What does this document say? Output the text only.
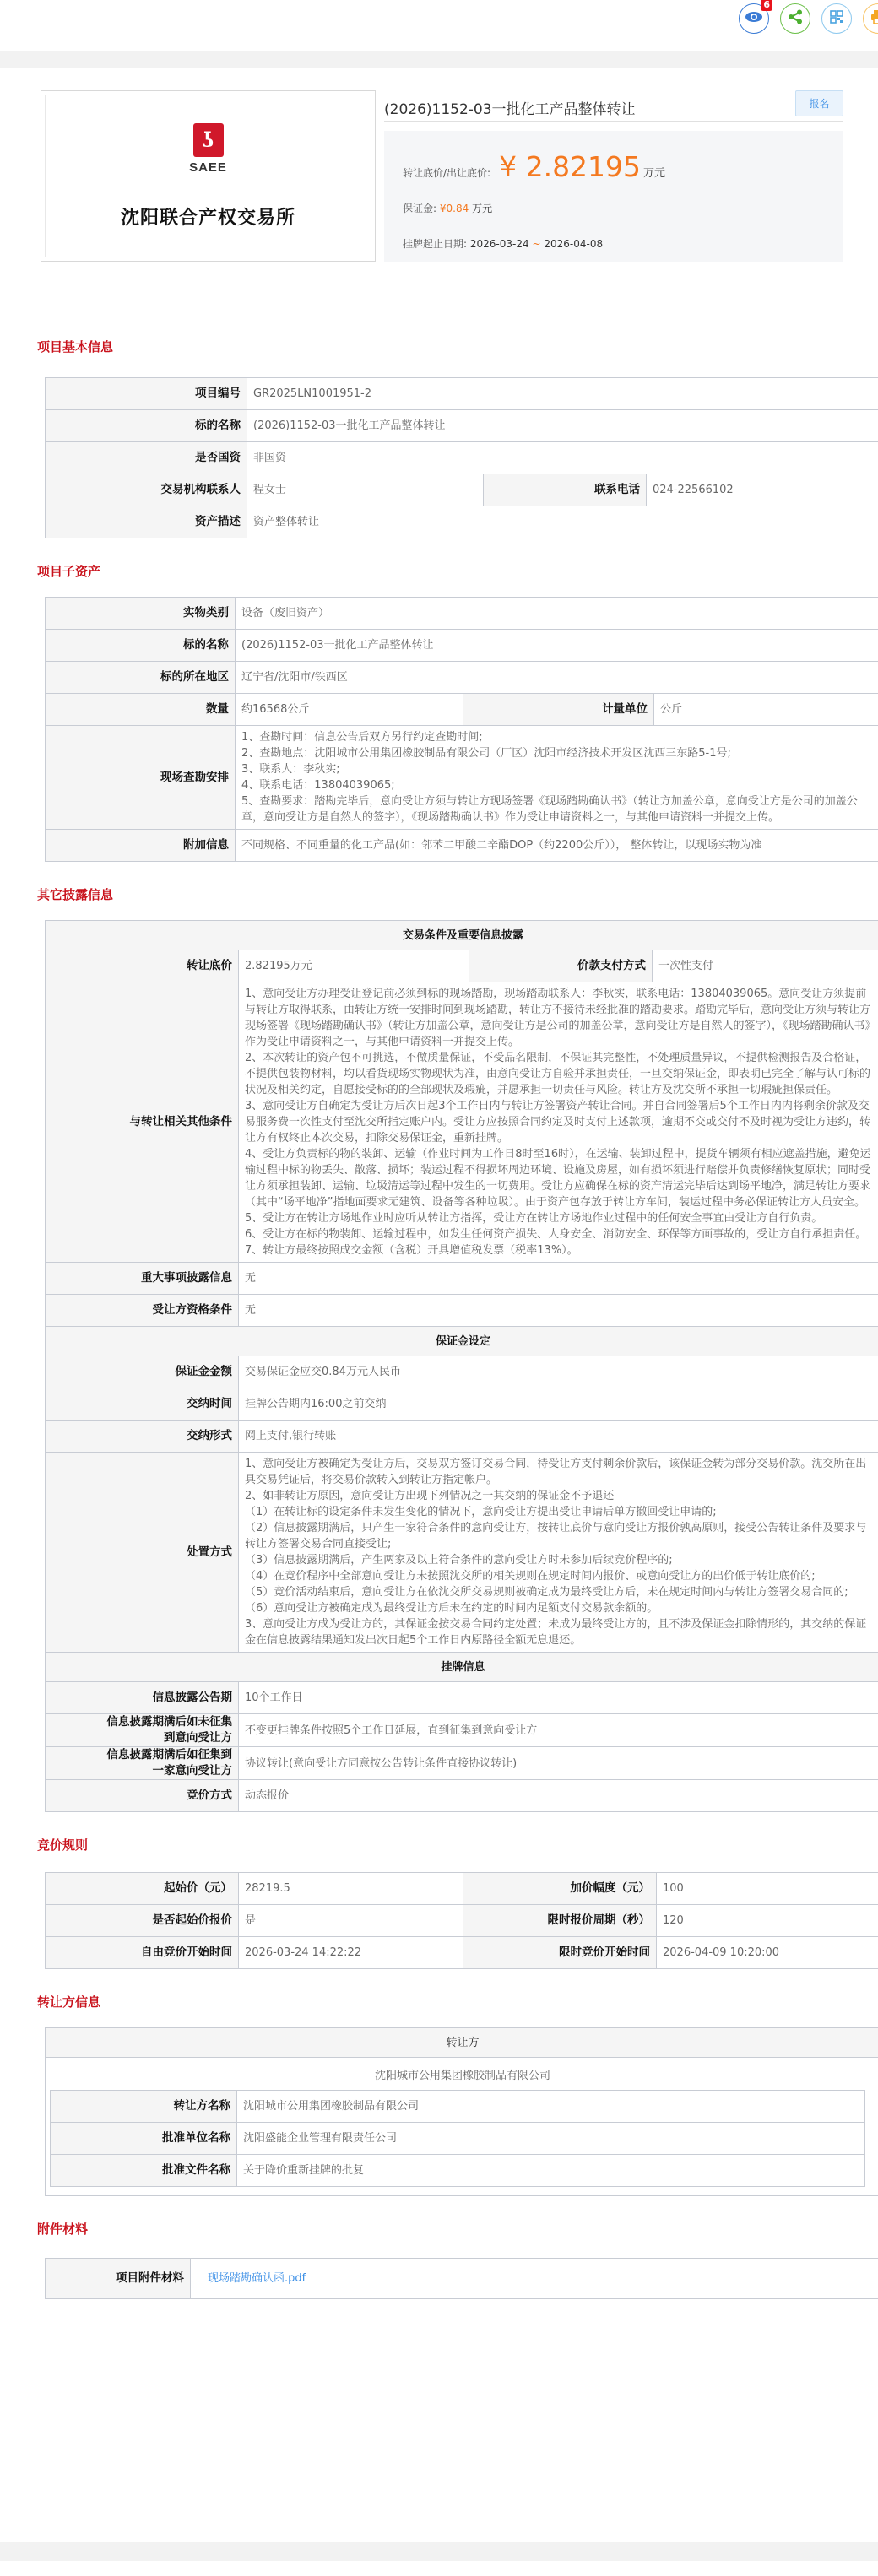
6
ʖ
SAEE
沈阳联合产权交易所
(2026)1152-03一批化工产品整体转让	报名
转让底价/出让底价: ¥ 2.82195 万元
保证金: ¥0.84 万元
挂牌起止日期: 2026-03-24 ~ 2026-04-08
项目基本信息
项目编号	GR2025LN1001951-2		
标的名称	(2026)1152-03一批化工产品整体转让		
是否国资	非国资		
交易机构联系人	程女士	联系电话	024-22566102
资产描述	资产整体转让		
项目子资产
实物类别	设备（废旧资产）		
标的名称	(2026)1152-03一批化工产品整体转让		
标的所在地区	辽宁省/沈阳市/铁西区		
数量	约16568公斤	计量单位	公斤
现场查勘安排	1、查勘时间：信息公告后双方另行约定查勘时间;
2、查勘地点：沈阳城市公用集团橡胶制品有限公司（厂区）沈阳市经济技术开发区沈西三东路5-1号;
3、联系人：李秋实;
4、联系电话：13804039065;
5、查勘要求：踏勘完毕后，意向受让方须与转让方现场签署《现场踏勘确认书》（转让方加盖公章，意向受让方是公司的加盖公章，意向受让方是自然人的签字），《现场踏勘确认书》作为受让申请资料之一，与其他申请资料一并提交上传。		

附加信息	不同规格、不同重量的化工产品(如：邻苯二甲酸二辛酯DOP（约2200公斤））， 整体转让，以现场实物为准		
其它披露信息
交易条件及重要信息披露			
转让底价	2.82195万元	价款支付方式	一次性支付
与转让相关其他条件	
1、意向受让方办理受让登记前必须到标的现场踏勘，现场踏勘联系人：李秋实，联系电话：13804039065。意向受让方须提前与转让方取得联系，由转让方统一安排时间到现场踏勘，转让方不接待未经批准的踏勘要求。踏勘完毕后，意向受让方须与转让方现场签署《现场踏勘确认书》（转让方加盖公章，意向受让方是公司的加盖公章，意向受让方是自然人的签字），《现场踏勘确认书》作为受让申请资料之一，与其他申请资料一并提交上传。
2、本次转让的资产包不可挑选，不做质量保证，不受品名限制，不保证其完整性，不处理质量异议，不提供检测报告及合格证，不提供包装物材料，均以看货现场实物现状为准，由意向受让方自验并承担责任，一旦交纳保证金，即表明已完全了解与认可标的状况及相关约定，自愿接受标的的全部现状及瑕疵，并愿承担一切责任与风险。转让方及沈交所不承担一切瑕疵担保责任。
3、意向受让方自确定为受让方后次日起3个工作日内与转让方签署资产转让合同。并自合同签署后5个工作日内内将剩余价款及交易服务费一次性支付至沈交所指定账户内。受让方应按照合同约定及时支付上述款项，逾期不交或交付不及时视为受让方违约，转让方有权终止本次交易，扣除交易保证金，重新挂牌。
4、受让方负责标的物的装卸、运输（作业时间为工作日8时至16时），在运输、装卸过程中，提货车辆须有相应遮盖措施，避免运输过程中标的物丢失、散落、损坏；装运过程不得损坏周边环境、设施及房屋，如有损坏须进行赔偿并负责修缮恢复原状；同时受让方须承担装卸、运输、垃圾清运等过程中发生的一切费用。受让方应确保在标的资产清运完毕后达到场平地净，满足转让方要求（其中“场平地净”指地面要求无建筑、设备等各种垃圾）。由于资产包存放于转让方车间，装运过程中务必保证转让方人员安全。
5、受让方在转让方场地作业时应听从转让方指挥，受让方在转让方场地作业过程中的任何安全事宜由受让方自行负责。
6、受让方在标的物装卸、运输过程中，如发生任何资产损失、人身安全、消防安全、环保等方面事故的，受让方自行承担责任。
7、转让方最终按照成交金额（含税）开具增值税发票（税率13%）。

重大事项披露信息	无		
受让方资格条件	无		
保证金设定			
保证金金额	交易保证金应交0.84万元人民币		
交纳时间	挂牌公告期内16:00之前交纳		
交纳形式	网上支付,银行转账		
处置方式	
1、意向受让方被确定为受让方后，交易双方签订交易合同，待受让方支付剩余价款后，该保证金转为部分交易价款。沈交所在出具交易凭证后，将交易价款转入到转让方指定帐户。
2、如非转让方原因，意向受让方出现下列情况之一其交纳的保证金不予退还
（1）在转让标的设定条件未发生变化的情况下，意向受让方提出受让申请后单方撤回受让申请的;
（2）信息披露期满后，只产生一家符合条件的意向受让方，按转让底价与意向受让方报价孰高原则，接受公告转让条件及要求与转让方签署交易合同直接受让;
（3）信息披露期满后，产生两家及以上符合条件的意向受让方时未参加后续竞价程序的;
（4）在竞价程序中全部意向受让方未按照沈交所的相关规则在规定时间内报价、或意向受让方的出价低于转让底价的;
（5）竞价活动结束后，意向受让方在依沈交所交易规则被确定成为最终受让方后，未在规定时间内与转让方签署交易合同的;
（6）意向受让方被确定成为最终受让方后未在约定的时间内足额支付交易款余额的。
3、意向受让方成为受让方的，其保证金按交易合同约定处置；未成为最终受让方的，且不涉及保证金扣除情形的，其交纳的保证金在信息披露结果通知发出次日起5个工作日内原路径全额无息退还。

挂牌信息			
信息披露公告期	10个工作日		
信息披露期满后如未征集到意向受让方	不变更挂牌条件按照5个工作日延展，直到征集到意向受让方		
信息披露期满后如征集到一家意向受让方	协议转让(意向受让方同意按公告转让条件直接协议转让)		
竞价方式	动态报价		
竞价规则
起始价（元）	28219.5	加价幅度（元）	100
是否起始价报价	是	限时报价周期（秒）	120
自由竞价开始时间	2026-03-24 14:22:22	限时竞价开始时间	2026-04-09 10:20:00
转让方信息
转让方

沈阳城市公用集团橡胶制品有限公司
转让方名称	沈阳城市公用集团橡胶制品有限公司
批准单位名称	沈阳盛能企业管理有限责任公司
批准文件名称	关于降价重新挂牌的批复
附件材料
项目附件材料	现场踏勘确认函.pdf
